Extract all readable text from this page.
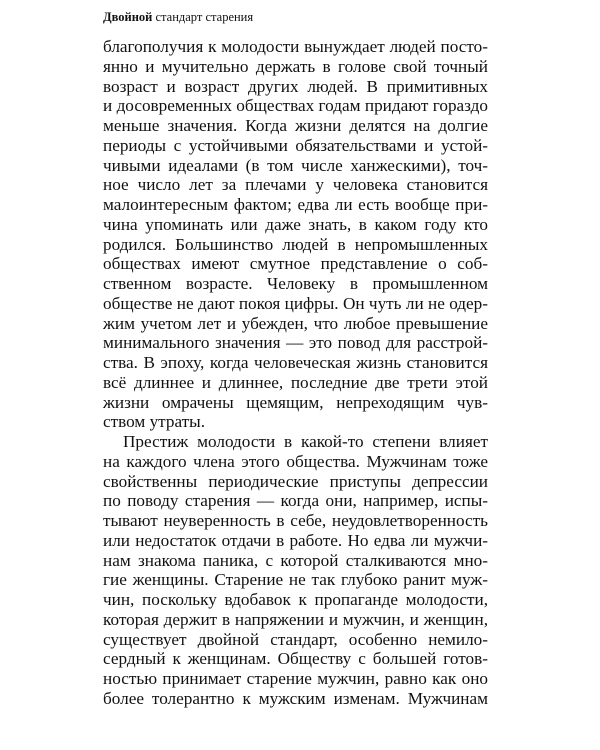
Двойной стандарт старения
благополучия к молодости вынуждает людей посто-
янно и мучительно держать в голове свой точный
возраст и возраст других людей. В примитивных
и досовременных обществах годам придают гораздо
меньше значения. Когда жизни делятся на долгие
периоды с устойчивыми обязательствами и устой-
чивыми идеалами (в том числе ханжескими), точ-
ное число лет за плечами у человека становится
малоинтересным фактом; едва ли есть вообще при-
чина упоминать или даже знать, в каком году кто
родился. Большинство людей в непромышленных
обществах имеют смутное представление о соб-
ственном возрасте. Человеку в промышленном
обществе не дают покоя цифры. Он чуть ли не одер-
жим учетом лет и убежден, что любое превышение
минимального значения — это повод для расстрой-
ства. В эпоху, когда человеческая жизнь становится
всё длиннее и длиннее, последние две трети этой
жизни омрачены щемящим, непреходящим чув-
ством утраты.
Престиж молодости в какой-то степени влияет
на каждого члена этого общества. Мужчинам тоже
свойственны периодические приступы депрессии
по поводу старения — когда они, например, испы-
тывают неуверенность в себе, неудовлетворенность
или недостаток отдачи в работе. Но едва ли мужчи-
нам знакома паника, с которой сталкиваются мно-
гие женщины. Старение не так глубоко ранит муж-
чин, поскольку вдобавок к пропаганде молодости,
которая держит в напряжении и мужчин, и женщин,
существует двойной стандарт, особенно немило-
сердный к женщинам. Обществу с большей готов-
ностью принимает старение мужчин, равно как оно
более толерантно к мужским изменам. Мужчинам
